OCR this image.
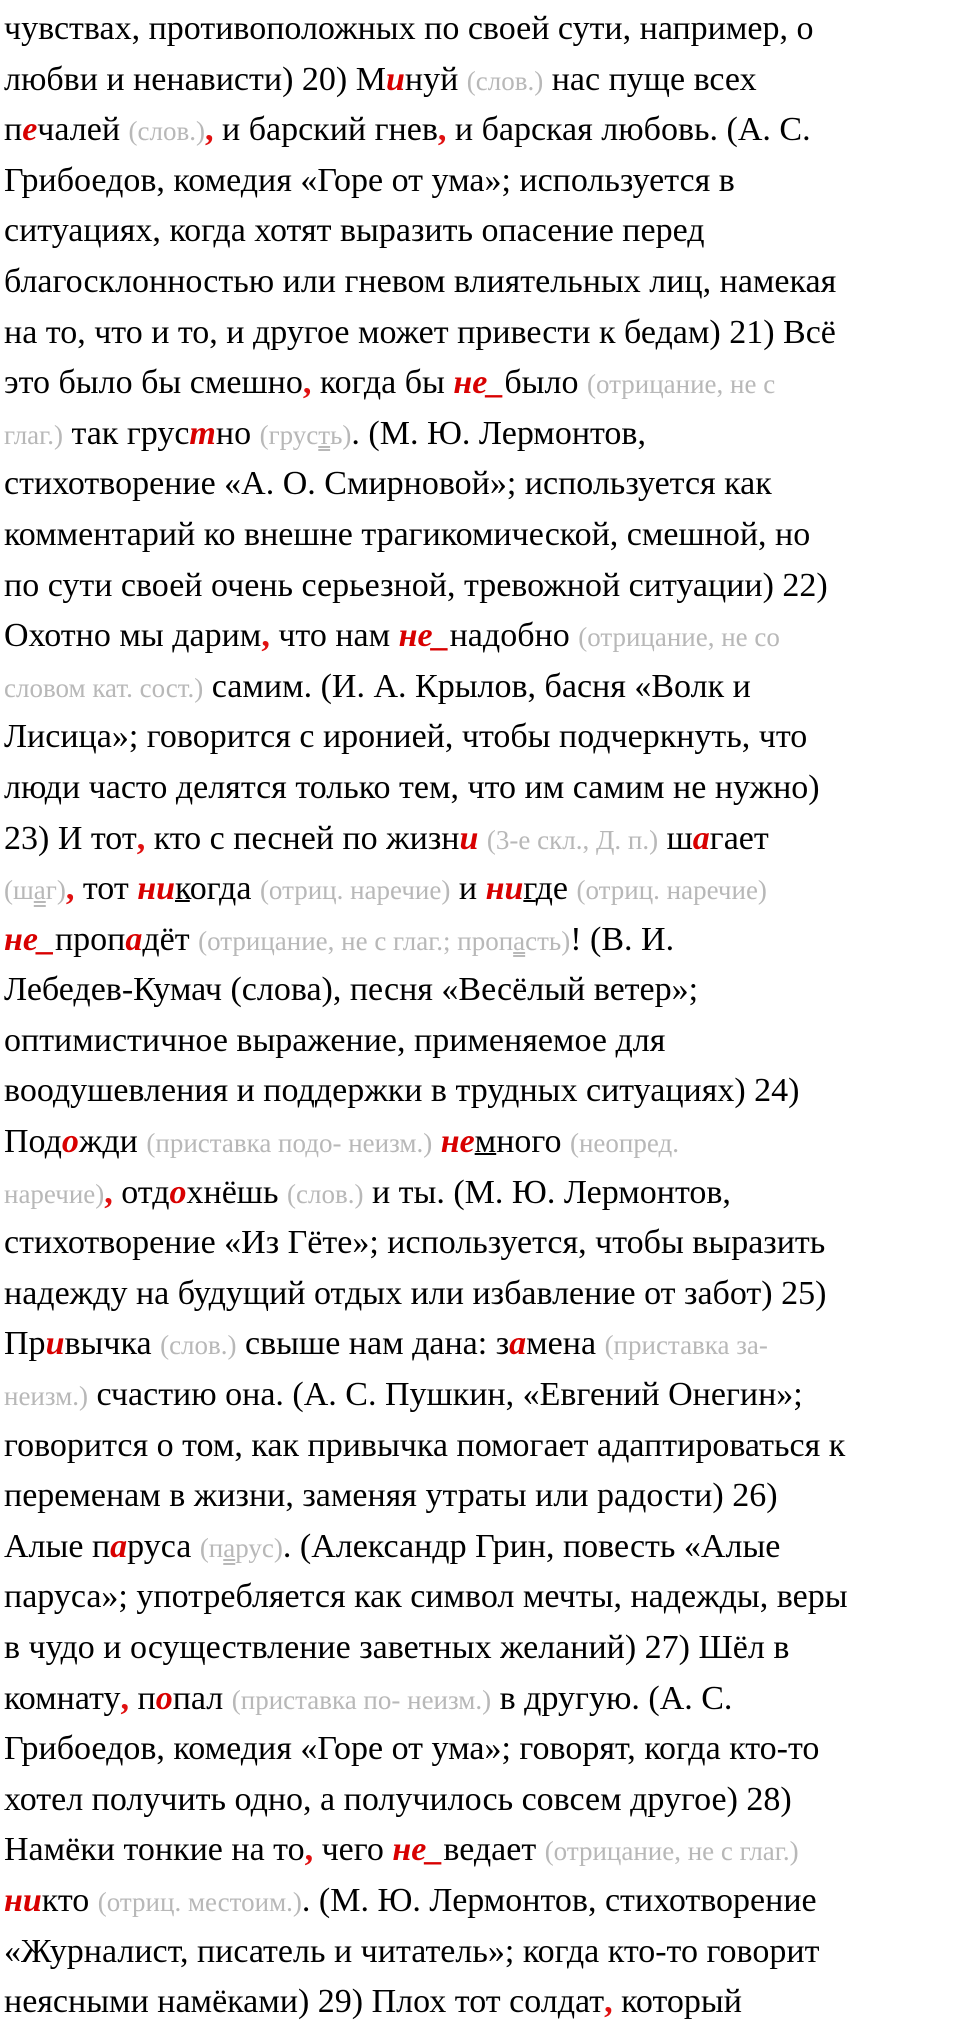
чувствах, противоположных по своей сути, например, о
любви и ненависти) 20) Минуй (слов.) нас пуще всех
печалей (слов.), и барский гнев, и барская любовь. (А. С.
Грибоедов, комедия «Горе от ума»; используется в
ситуациях, когда хотят выразить опасение перед
благосклонностью или гневом влиятельных лиц, намекая
на то, что и то, и другое может привести к бедам) 21) Всё
это было бы смешно, когда бы не_было (отрицание, не с
глаг.) так грустно (грусть). (М. Ю. Лермонтов,
стихотворение «А. О. Смирновой»; используется как
комментарий ко внешне трагикомической, смешной, но
по сути своей очень серьезной, тревожной ситуации) 22)
Охотно мы дарим, что нам не_надобно (отрицание, не со
словом кат. сост.) самим. (И. А. Крылов, басня «Волк и
Лисица»; говорится с иронией, чтобы подчеркнуть, что
люди часто делятся только тем, что им самим не нужно)
23) И тот, кто с песней по жизни (3-е скл., Д. п.) шагает
(шаг), тот никогда (отриц. наречие) и нигде (отриц. наречие)
не_пропадёт (отрицание, не с глаг.; пропасть)! (В. И.
Лебедев-Кумач (слова), песня «Весёлый ветер»;
оптимистичное выражение, применяемое для
воодушевления и поддержки в трудных ситуациях) 24)
Подожди (приставка подо- неизм.) немного (неопред.
наречие), отдохнёшь (слов.) и ты. (М. Ю. Лермонтов,
стихотворение «Из Гёте»; используется, чтобы выразить
надежду на будущий отдых или избавление от забот) 25)
Привычка (слов.) свыше нам дана: замена (приставка за-
неизм.) счастию она. (А. С. Пушкин, «Евгений Онегин»;
говорится о том, как привычка помогает адаптироваться к
переменам в жизни, заменяя утраты или радости) 26)
Алые паруса (парус). (Александр Грин, повесть «Алые
паруса»; употребляется как символ мечты, надежды, веры
в чудо и осуществление заветных желаний) 27) Шёл в
комнату, попал (приставка по- неизм.) в другую. (А. С.
Грибоедов, комедия «Горе от ума»; говорят, когда кто-то
хотел получить одно, а получилось совсем другое) 28)
Намёки тонкие на то, чего не_ведает (отрицание, не с глаг.)
никто (отриц. местоим.). (М. Ю. Лермонтов, стихотворение
«Журналист, писатель и читатель»; когда кто-то говорит
неясными намёками) 29) Плох тот солдат, который
